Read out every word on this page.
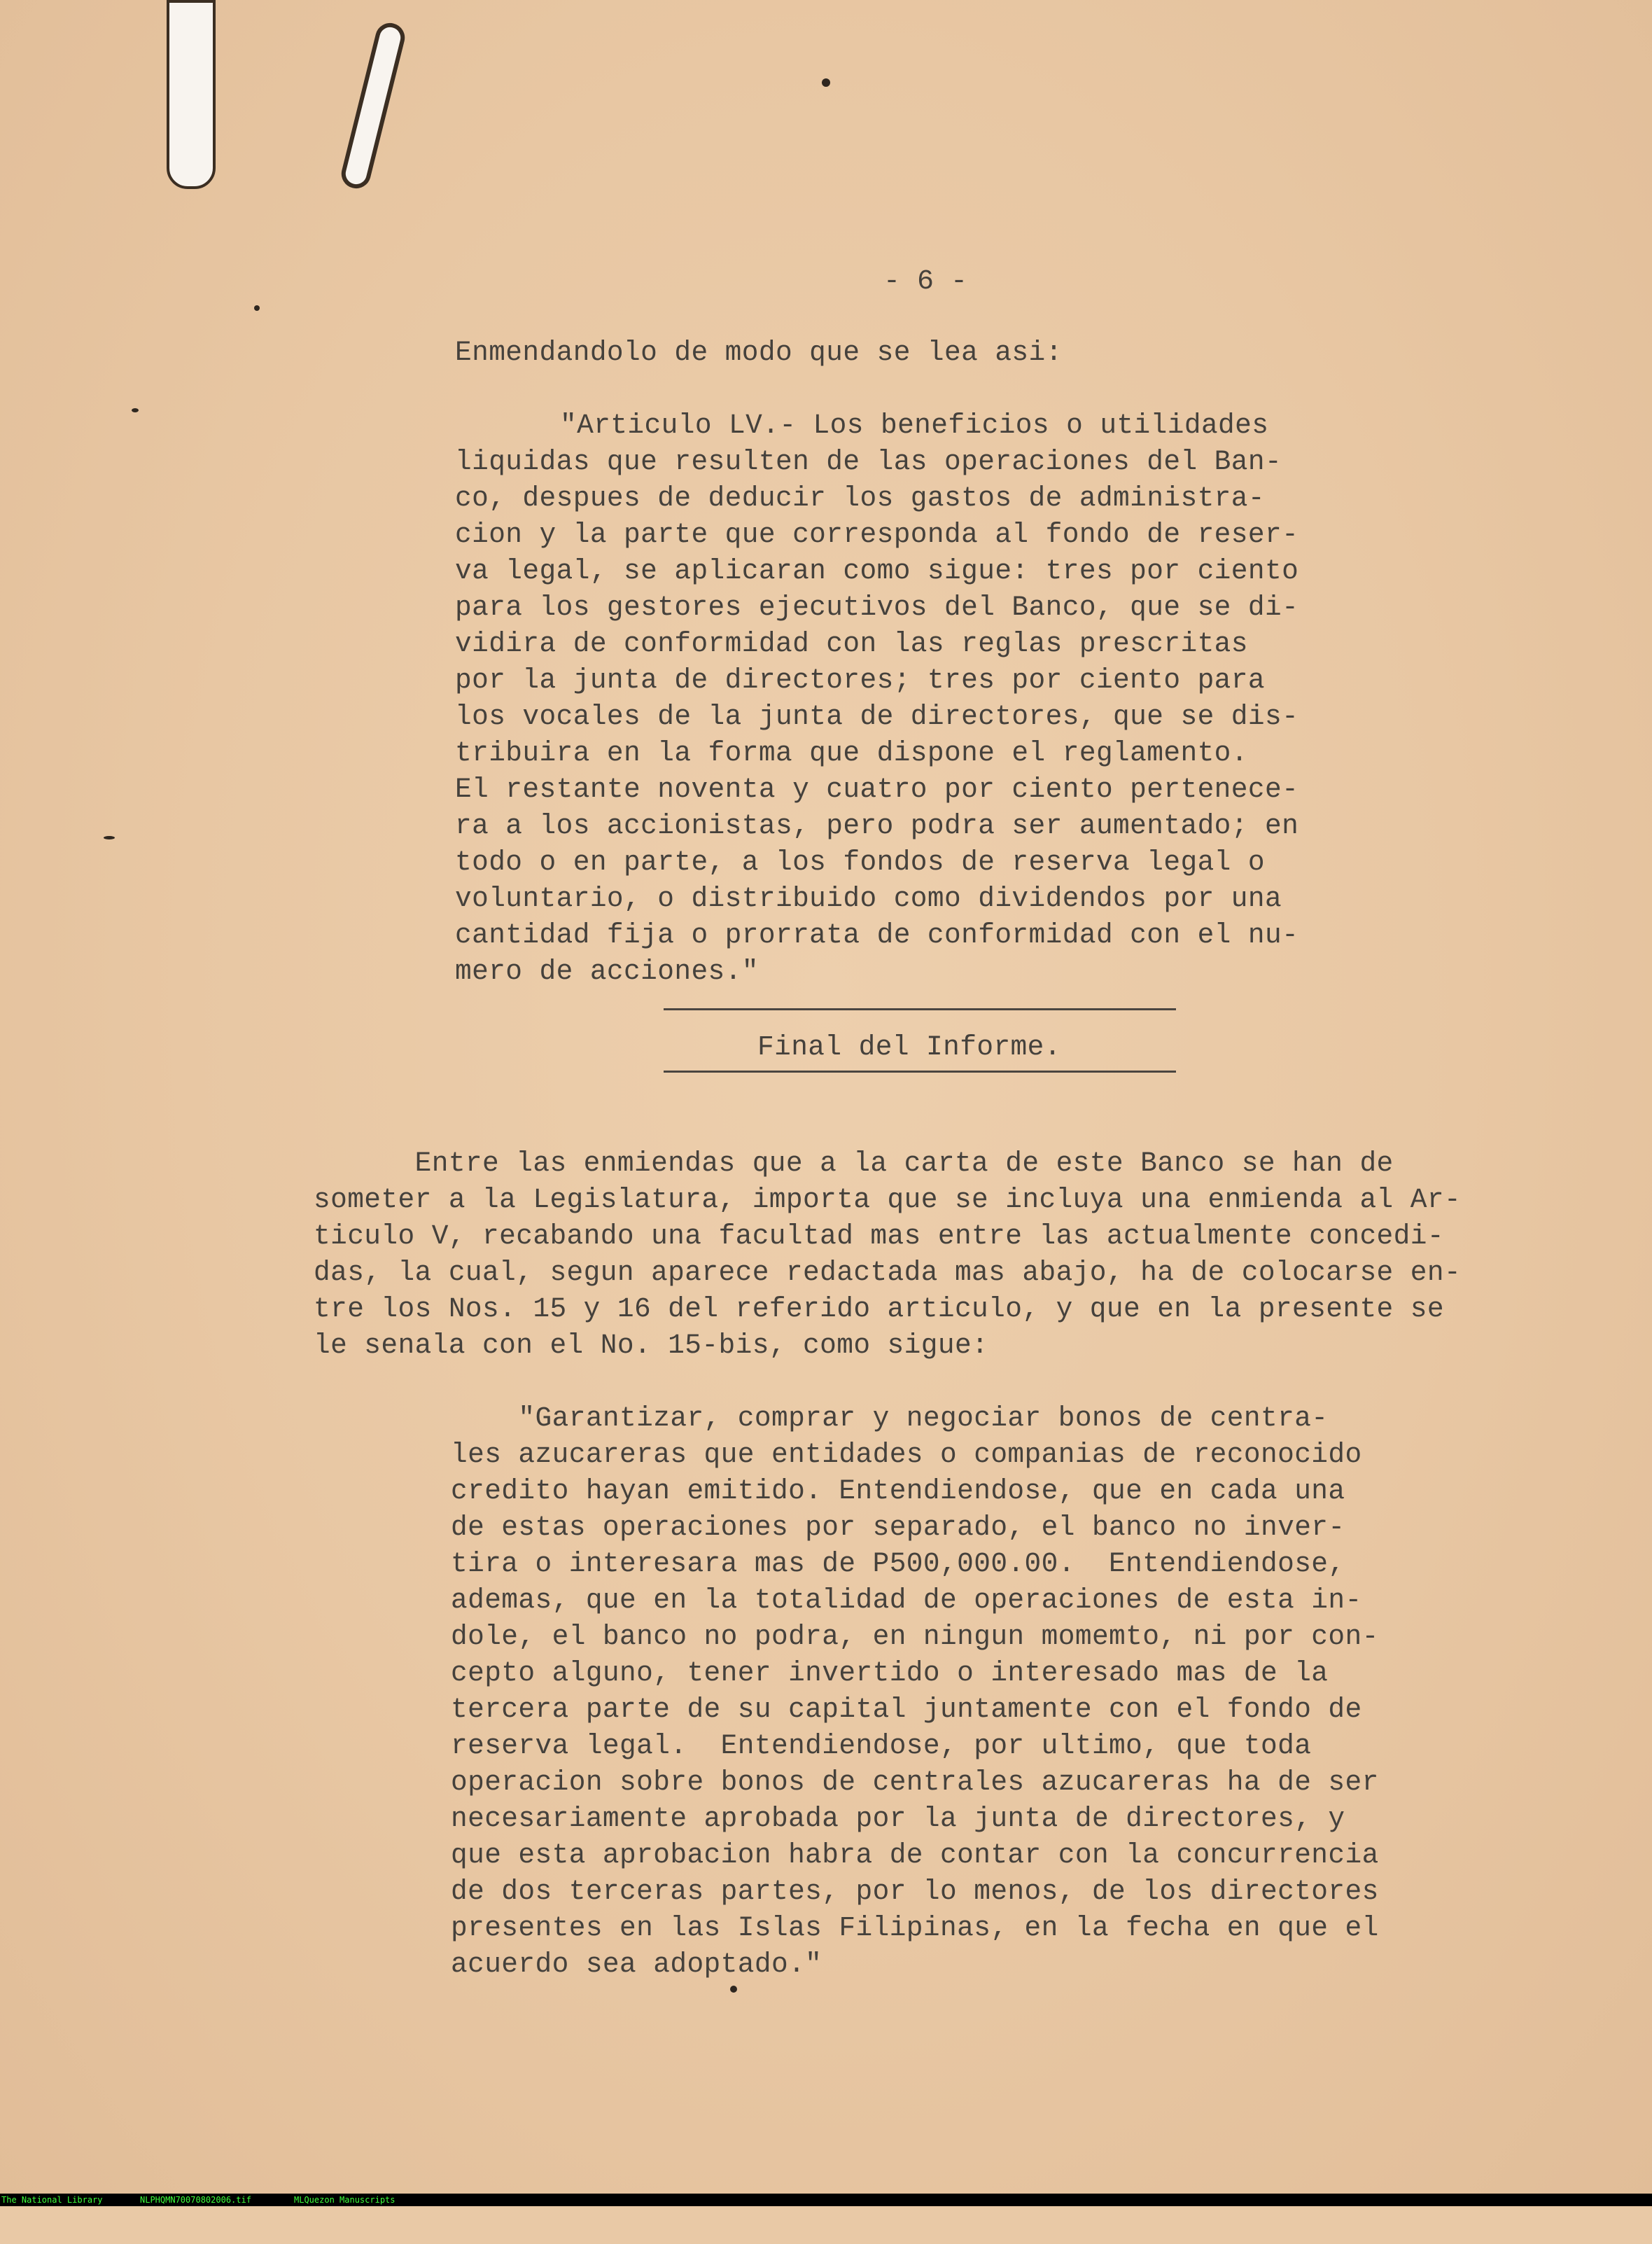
- 6 -
Enmendandolo de modo que se lea asi:
"Articulo LV.- Los beneficios o utilidades
liquidas que resulten de las operaciones del Ban-
co, despues de deducir los gastos de administra-
cion y la parte que corresponda al fondo de reser-
va legal, se aplicaran como sigue: tres por ciento
para los gestores ejecutivos del Banco, que se di-
vidira de conformidad con las reglas prescritas
por la junta de directores; tres por ciento para
los vocales de la junta de directores, que se dis-
tribuira en la forma que dispone el reglamento.
El restante noventa y cuatro por ciento pertenece-
ra a los accionistas, pero podra ser aumentado; en
todo o en parte, a los fondos de reserva legal o
voluntario, o distribuido como dividendos por una
cantidad fija o prorrata de conformidad con el nu-
mero de acciones."
Final del Informe.
Entre las enmiendas que a la carta de este Banco se han de
someter a la Legislatura, importa que se incluya una enmienda al Ar-
ticulo V, recabando una facultad mas entre las actualmente concedi-
das, la cual, segun aparece redactada mas abajo, ha de colocarse en-
tre los Nos. 15 y 16 del referido articulo, y que en la presente se
le senala con el No. 15-bis, como sigue:
"Garantizar, comprar y negociar bonos de centra-
les azucareras que entidades o companias de reconocido
credito hayan emitido. Entendiendose, que en cada una
de estas operaciones por separado, el banco no inver-
tira o interesara mas de P500,000.00.  Entendiendose,
ademas, que en la totalidad de operaciones de esta in-
dole, el banco no podra, en ningun momemto, ni por con-
cepto alguno, tener invertido o interesado mas de la
tercera parte de su capital juntamente con el fondo de
reserva legal.  Entendiendose, por ultimo, que toda
operacion sobre bonos de centrales azucareras ha de ser
necesariamente aprobada por la junta de directores, y
que esta aprobacion habra de contar con la concurrencia
de dos terceras partes, por lo menos, de los directores
presentes en las Islas Filipinas, en la fecha en que el
acuerdo sea adoptado."

The National Library

	NLPHQMN70070802006.tif

	MLQuezon Manuscripts
